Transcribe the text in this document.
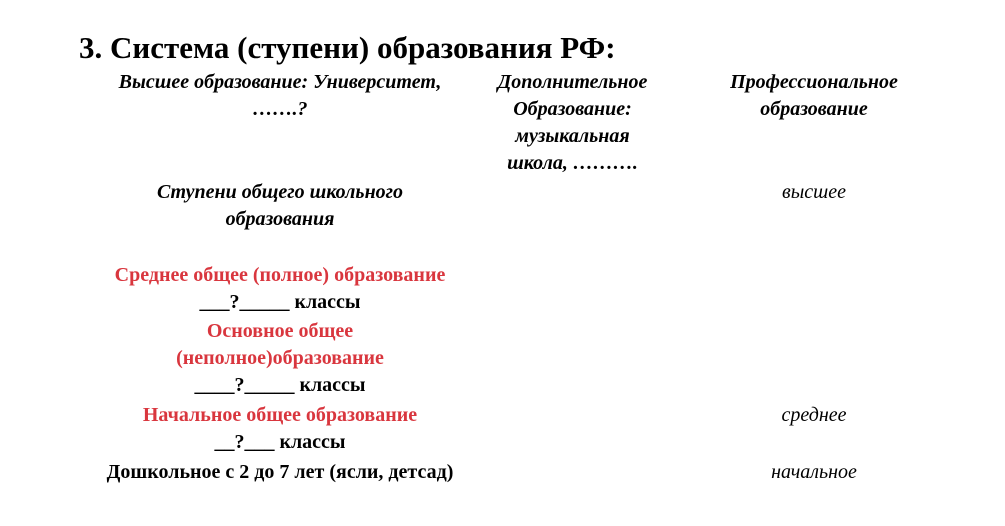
3. Система (ступени) образования РФ:
Высшее образование: Университет,
…….?
Дополнительное
Образование:
музыкальная
школа, ……….
Профессиональное
образование
Ступени общего школьного
образования
высшее
Среднее общее (полное) образование
___?_____ классы
Основное общее
(неполное)образование
____?_____ классы
Начальное общее образование
__?___ классы
среднее
Дошкольное с 2 до 7 лет (ясли, детсад)	начальное
